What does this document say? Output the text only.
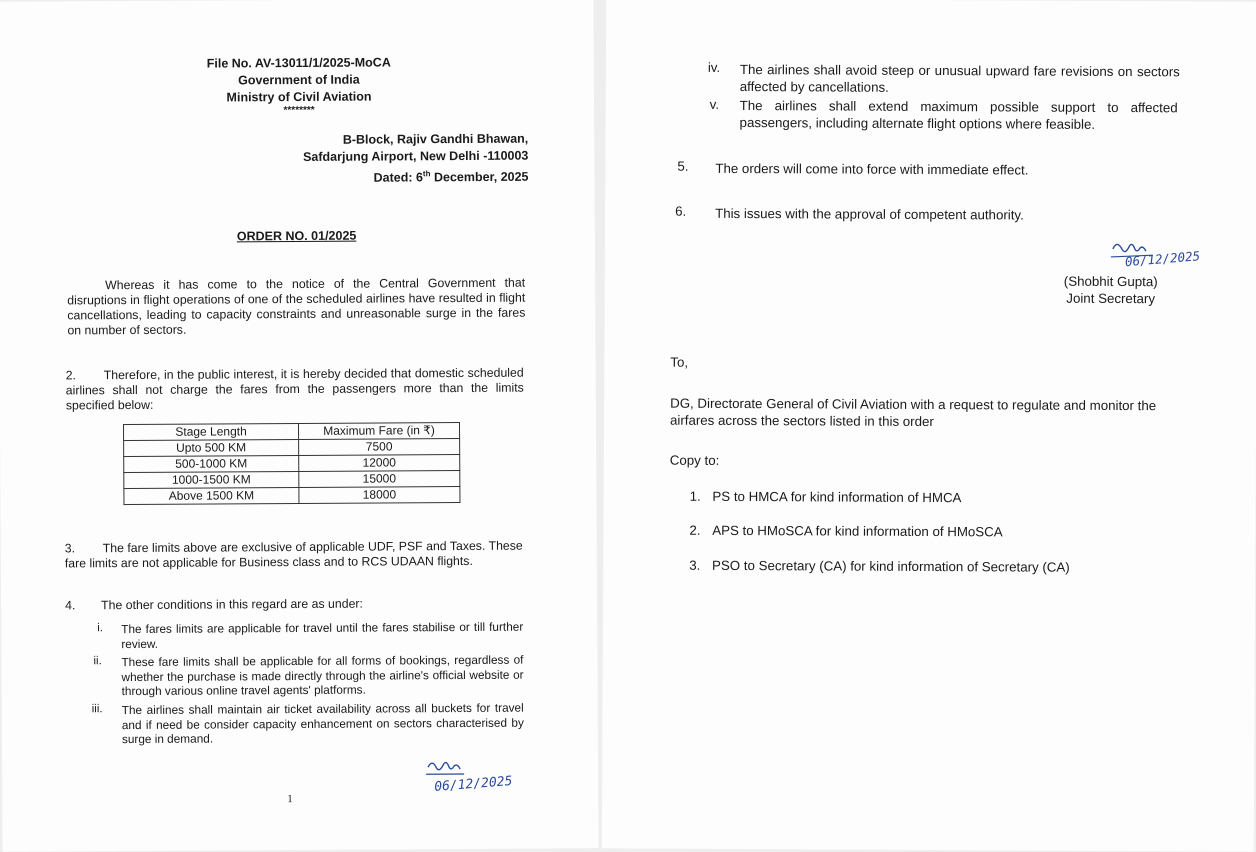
File No. AV-13011/1/2025-MoCA
Government of India
Ministry of Civil Aviation
********
B-Block, Rajiv Gandhi Bhawan,
Safdarjung Airport, New Delhi -110003
Dated: 6th December, 2025
ORDER NO. 01/2025

Whereas it has come to the notice of the Central Government that disruptions in flight operations of one of the scheduled airlines have resulted in flight cancellations, leading to capacity constraints and unreasonable surge in the fares on number of sectors.

2.	Therefore, in the public interest, it is hereby decided that domestic scheduled airlines shall not charge the fares from the passengers more than the limits specified below:

Stage Length	Maximum Fare (in ₹)
Upto 500 KM	7500
500-1000 KM	12000
1000-1500 KM	15000
Above 1500 KM	18000
3.	The fare limits above are exclusive of applicable UDF, PSF and Taxes. These fare limits are not applicable for Business class and to RCS UDAAN flights.

4. The other conditions in this regard are as under:

i. The fares limits are applicable for travel until the fares stabilise or till further review.

ii. These fare limits shall be applicable for all forms of bookings, regardless of whether the purchase is made directly through the airline's official website or through various online travel agents' platforms.

iii. The airlines shall maintain air ticket availability across all buckets for travel and if need be consider capacity enhancement on sectors characterised by surge in demand.

06/12/2025
1
iv. The airlines shall avoid steep or unusual upward fare revisions on sectors affected by cancellations.

v. The airlines shall extend maximum possible support to affected passengers, including alternate flight options where feasible.

5. The orders will come into force with immediate effect.

6. This issues with the approval of competent authority.

06/12/2025
(Shobhit Gupta)
Joint Secretary
To,

DG, Directorate General of Civil Aviation with a request to regulate and monitor the airfares across the sectors listed in this order

Copy to:
1. PS to HMCA for kind information of HMCA
2. APS to HMoSCA for kind information of HMoSCA
3. PSO to Secretary (CA) for kind information of Secretary (CA)
